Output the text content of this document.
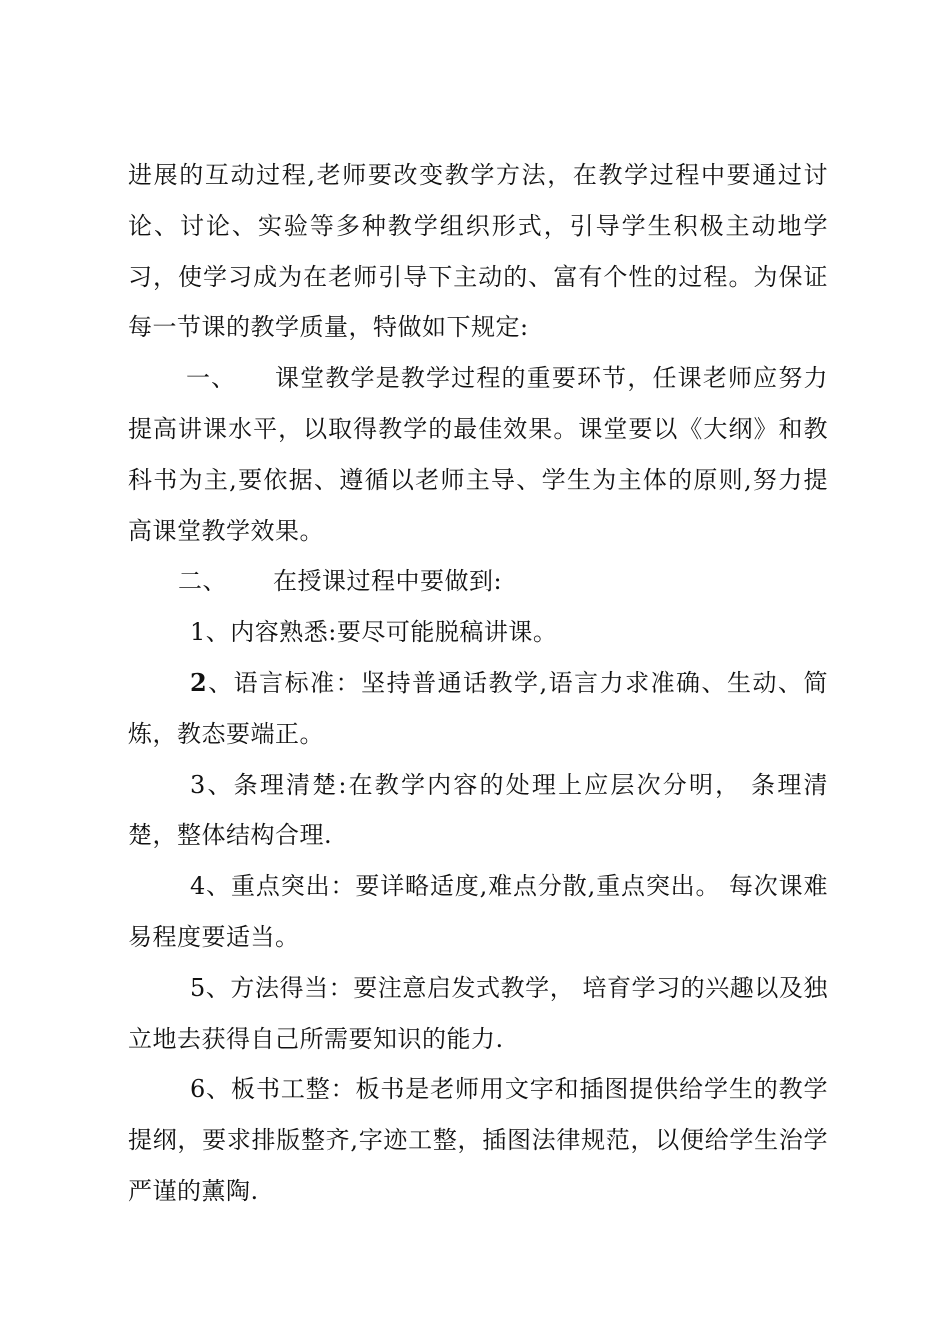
进展的互动过程,老师要改变教学方法，在教学过程中要通过讨论、讨论、实验等多种教学组织形式，引导学生积极主动地学习，使学习成为在老师引导下主动的、富有个性的过程。为保证每一节课的教学质量，特做如下规定:

一、 课堂教学是教学过程的重要环节，任课老师应努力提高讲课水平，以取得教学的最佳效果。课堂要以《大纲》和教科书为主,要依据、遵循以老师主导、学生为主体的原则,努力提高课堂教学效果。

二、 在授课过程中要做到:

1、内容熟悉:要尽可能脱稿讲课。

2、语言标准：坚持普通话教学,语言力求准确、生动、简炼，教态要端正。

3、条理清楚:在教学内容的处理上应层次分明， 条理清楚，整体结构合理.

4、重点突出：要详略适度,难点分散,重点突出。 每次课难易程度要适当。

5、方法得当：要注意启发式教学， 培育学习的兴趣以及独立地去获得自己所需要知识的能力.

6、板书工整：板书是老师用文字和插图提供给学生的教学提纲，要求排版整齐,字迹工整，插图法律规范，以便给学生治学严谨的薰陶.
